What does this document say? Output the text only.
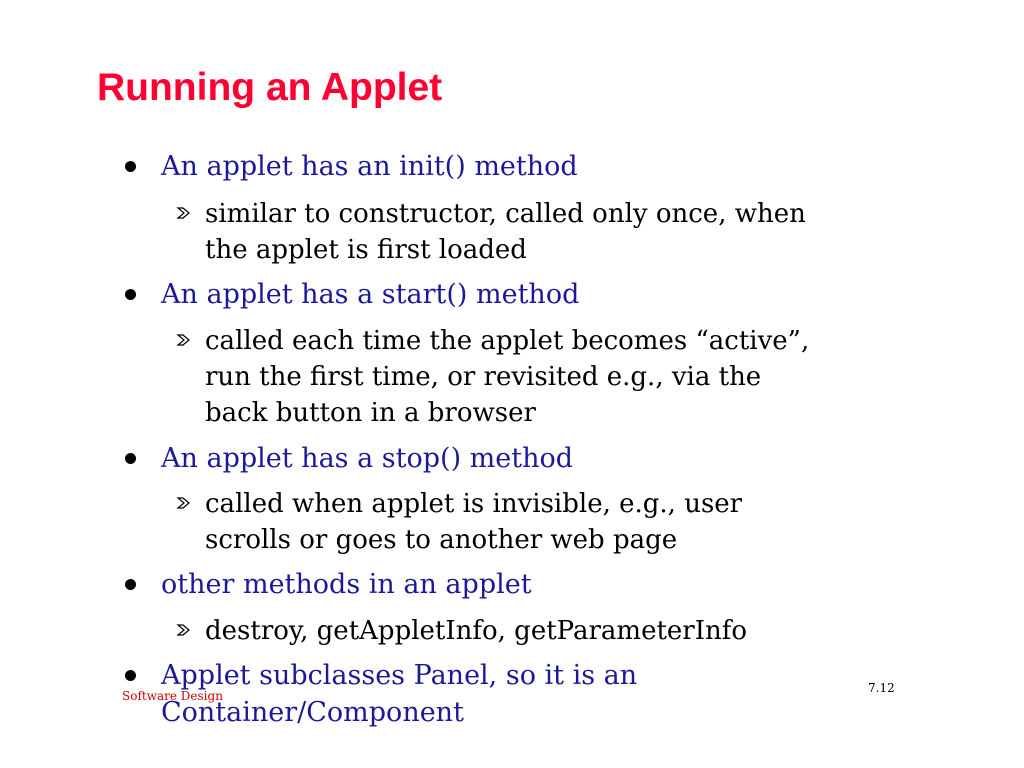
Running an Applet
An applet has an init() method
similar to constructor, called only once, when
the applet is first loaded
An applet has a start() method
called each time the applet becomes “active”,
run the first time, or revisited e.g., via the
back button in a browser
An applet has a stop() method
called when applet is invisible, e.g., user
scrolls or goes to another web page
other methods in an applet
destroy, getAppletInfo, getParameterInfo
Applet subclasses Panel, so it is an
Container/Component
Software Design
7.12
